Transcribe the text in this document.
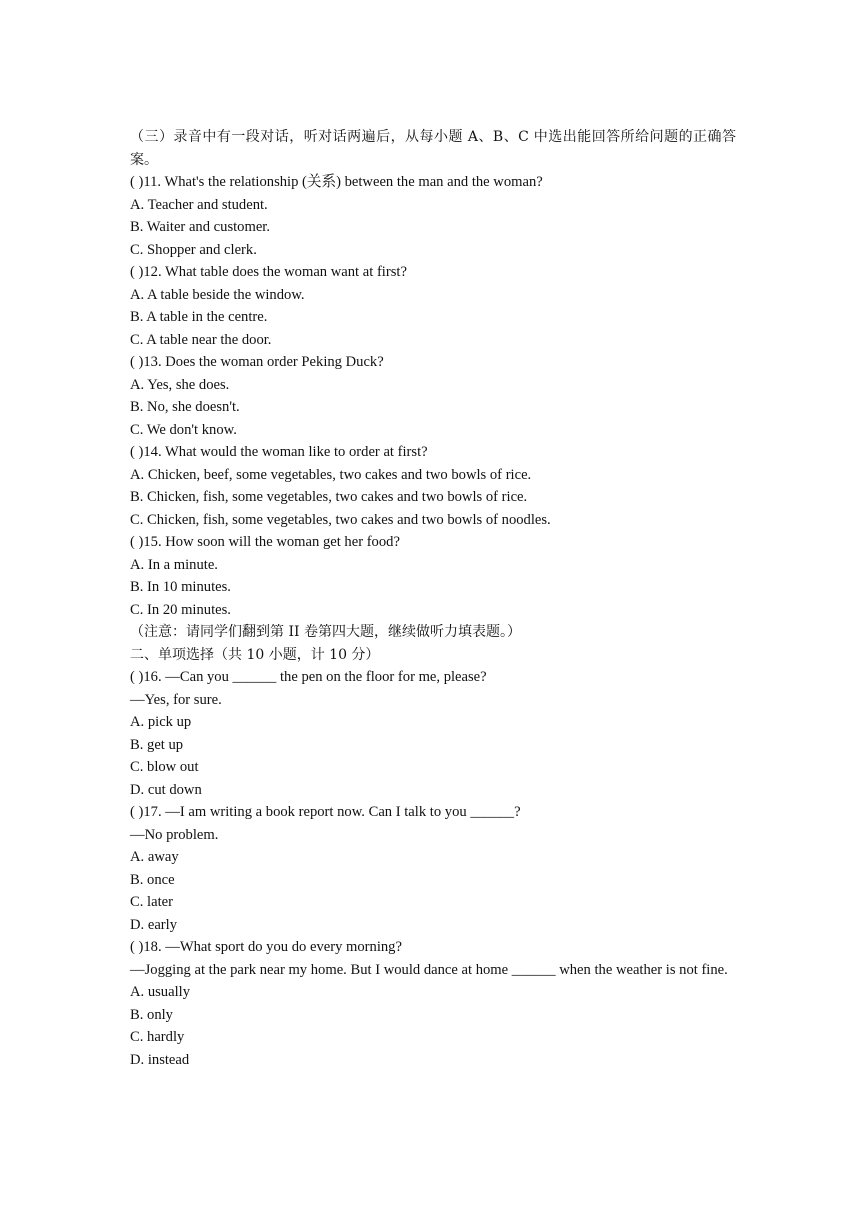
（三）录音中有一段对话，听对话两遍后，从每小题 A、B、C 中选出能回答所给问题的正确答案。
( )11. What's the relationship (关系) between the man and the woman?
A. Teacher and student.
B. Waiter and customer.
C. Shopper and clerk.
( )12. What table does the woman want at first?
A. A table beside the window.
B. A table in the centre.
C. A table near the door.
( )13. Does the woman order Peking Duck?
A. Yes, she does.
B. No, she doesn't.
C. We don't know.
( )14. What would the woman like to order at first?
A. Chicken, beef, some vegetables, two cakes and two bowls of rice.
B. Chicken, fish, some vegetables, two cakes and two bowls of rice.
C. Chicken, fish, some vegetables, two cakes and two bowls of noodles.
( )15. How soon will the woman get her food?
A. In a minute.
B. In 10 minutes.
C. In 20 minutes.
（注意：请同学们翻到第 II 卷第四大题，继续做听力填表题。）
二、单项选择（共 10 小题，计 10 分）
( )16. —Can you ______ the pen on the floor for me, please?
—Yes, for sure.
A. pick up
B. get up
C. blow out
D. cut down
( )17. —I am writing a book report now. Can I talk to you ______?
—No problem.
A. away
B. once
C. later
D. early
( )18. —What sport do you do every morning?
—Jogging at the park near my home. But I would dance at home ______ when the weather is not fine.
A. usually
B. only
C. hardly
D. instead
